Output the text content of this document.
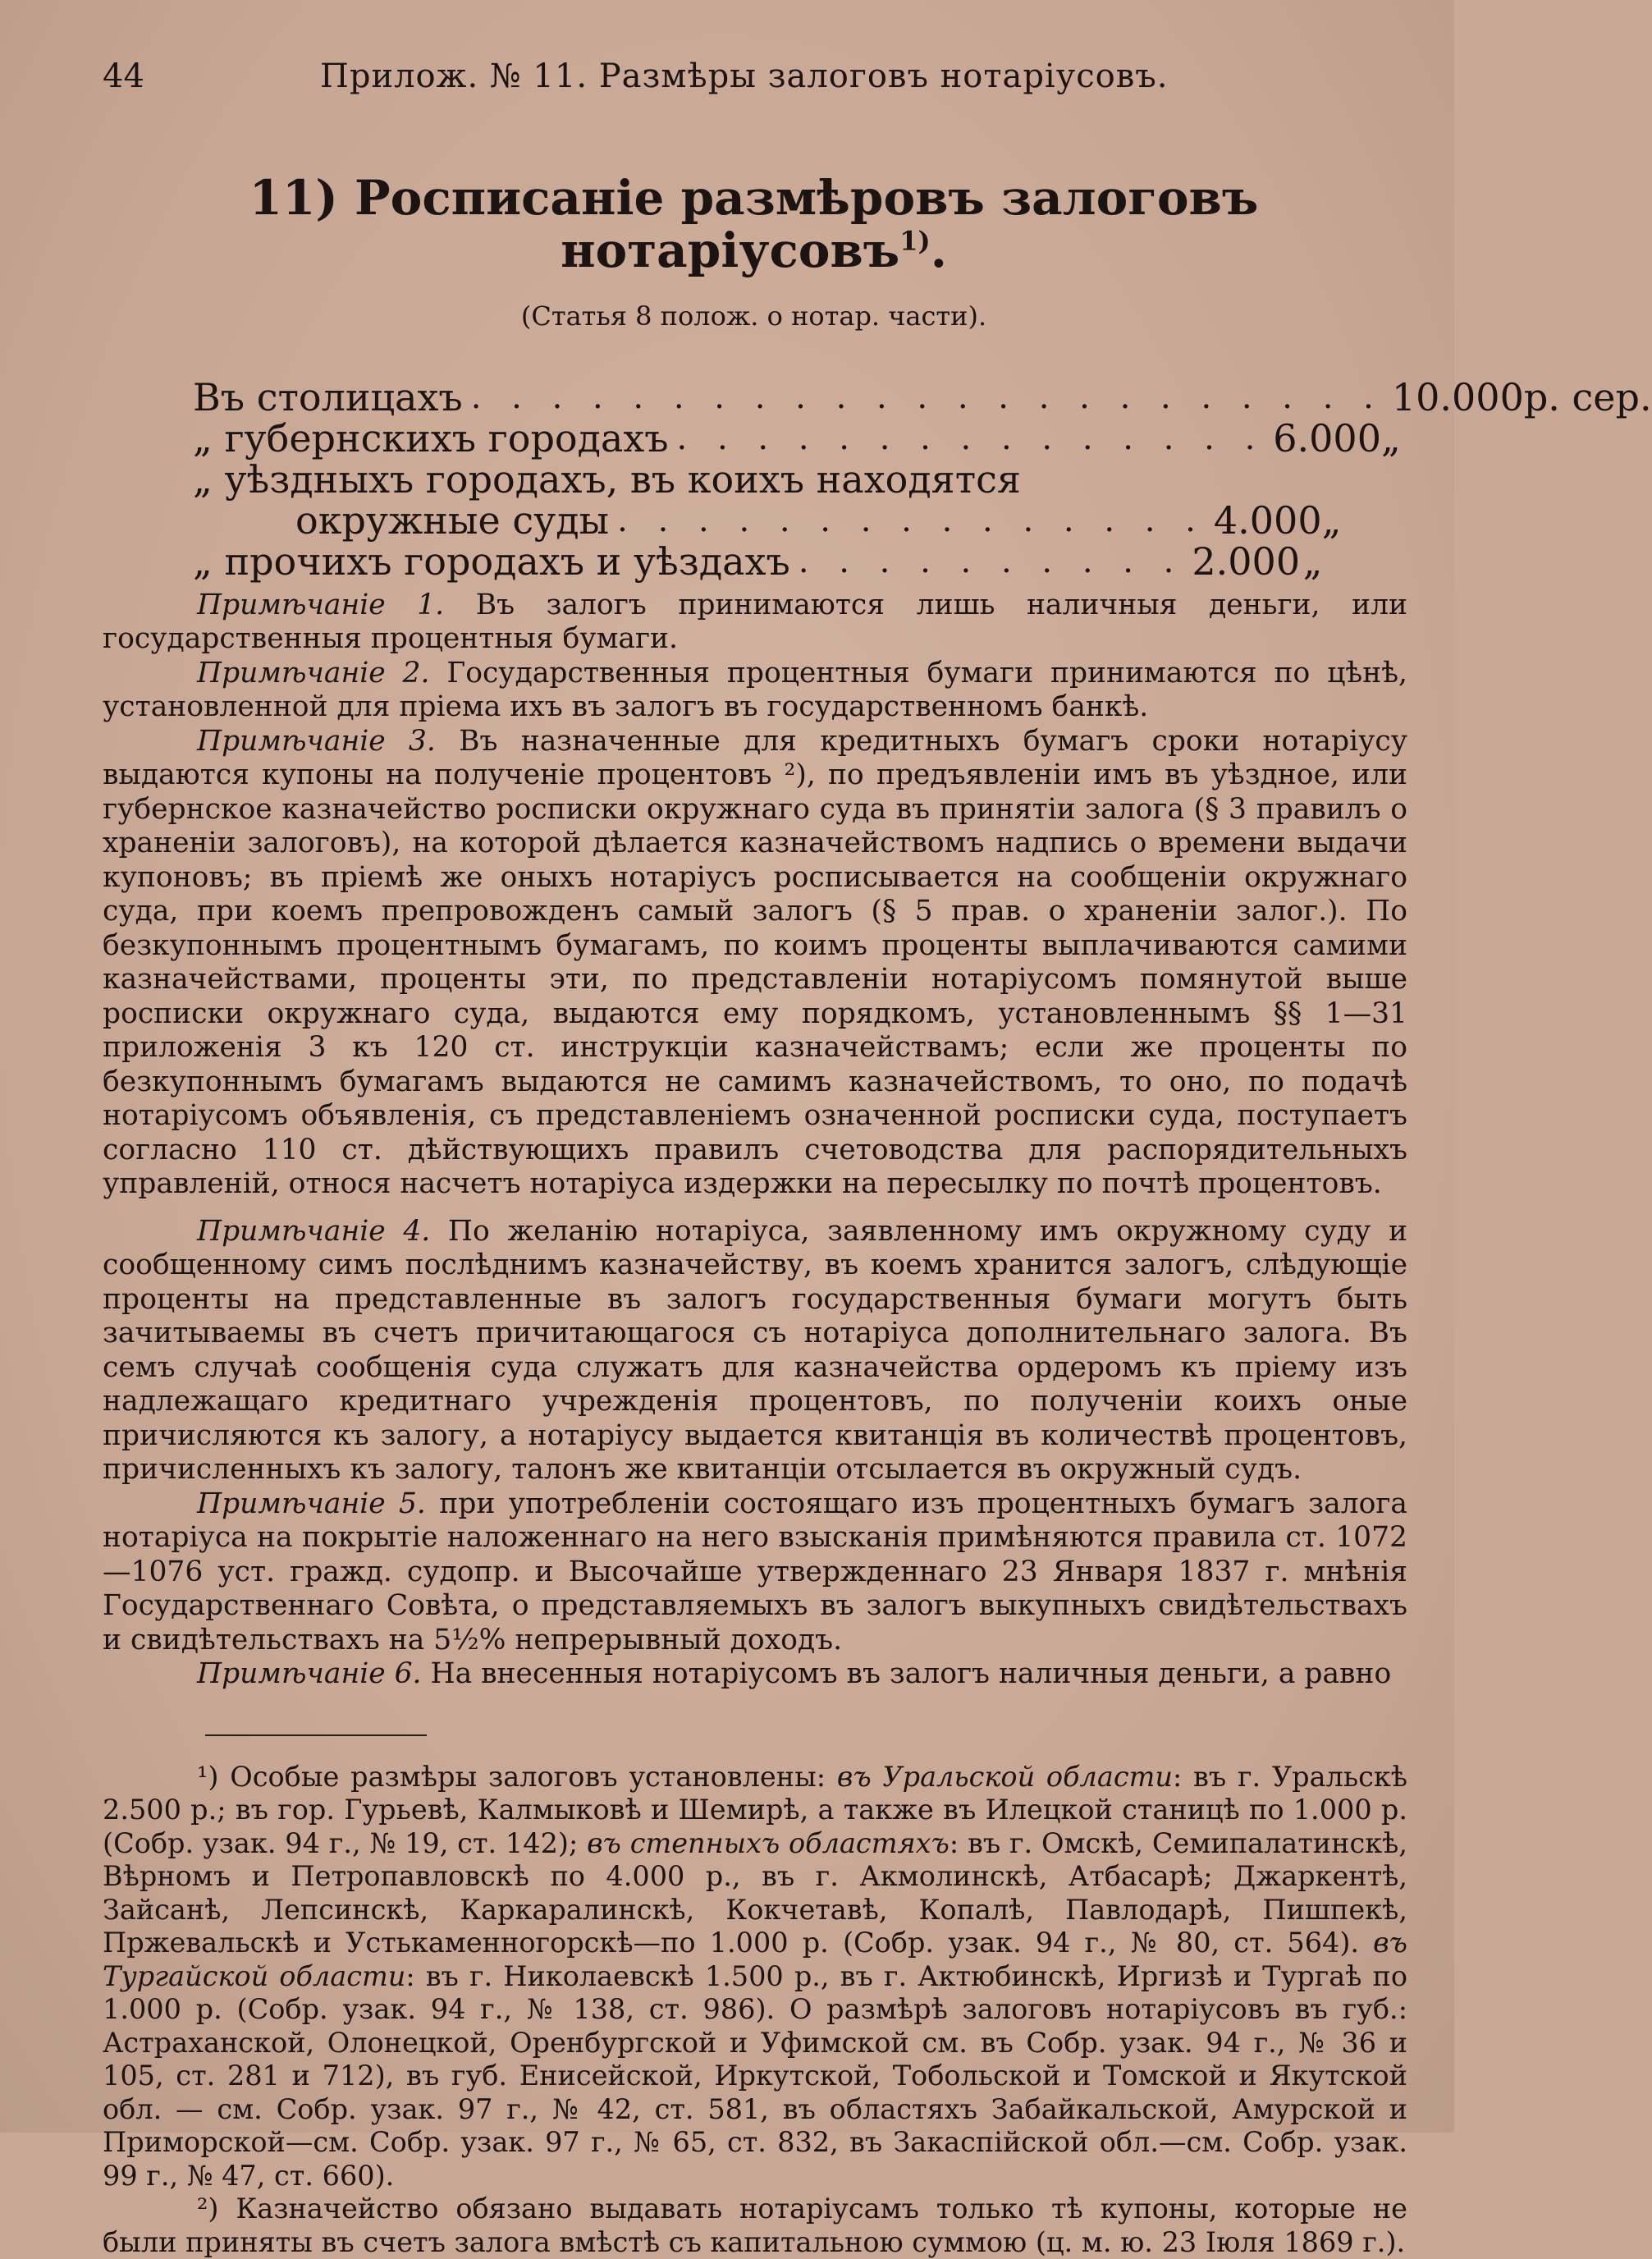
44	Прилож. № 11. Размѣры залоговъ нотаріусовъ.
11) Росписаніе размѣровъ залоговъ нотаріусовъ$^{1)}$.

(Статья 8 полож. о нотар. части).

Въ столицахъ . . . . . . . . . . . . . . . . . . . . . . . 10.000 р. сер.
„ губернскихъ городахъ . . . . . . . . . . . . . . . 6.000 „
„ уѣздныхъ городахъ, въ коихъ находятся
окружные суды . . . . . . . . . . . . . . . 4.000 „
„ прочихъ городахъ и уѣздахъ . . . . . . . . . . 2.000 „

Примѣчаніе 1. Въ залогъ принимаются лишь наличныя деньги, или государственныя процентныя бумаги.

Примѣчаніе 2. Государственныя процентныя бумаги принимаются по цѣнѣ, установленной для пріема ихъ въ залогъ въ государственномъ банкѣ.

Примѣчаніе 3. Въ назначенные для кредитныхъ бумагъ сроки нотаріусу выдаются купоны на полученіе процентовъ ²), по предъявленіи имъ въ уѣздное, или губернское казначейство росписки окружнаго суда въ принятіи залога (§ 3 правилъ о храненіи залоговъ), на которой дѣлается казначействомъ надпись о времени выдачи купоновъ; въ пріемѣ же оныхъ нотаріусъ росписывается на сообщеніи окружнаго суда, при коемъ препровожденъ самый залогъ (§ 5 прав. о храненіи залог.). По безкупоннымъ процентнымъ бумагамъ, по коимъ проценты выплачиваются самими казначействами, проценты эти, по представленіи нотаріусомъ помянутой выше росписки окружнаго суда, выдаются ему порядкомъ, установленнымъ §§ 1—31 приложенія 3 къ 120 ст. инструкціи казначействамъ; если же проценты по безкупоннымъ бумагамъ выдаются не самимъ казначействомъ, то оно, по подачѣ нотаріусомъ объявленія, съ представленіемъ означенной росписки суда, поступаетъ согласно 110 ст. дѣйствующихъ правилъ счетоводства для распорядительныхъ управленій, относя насчетъ нотаріуса издержки на пересылку по почтѣ процентовъ.

Примѣчаніе 4. По желанію нотаріуса, заявленному имъ окружному суду и сообщенному симъ послѣднимъ казначейству, въ коемъ хранится залогъ, слѣдующіе проценты на представленные въ залогъ государственныя бумаги могутъ быть зачитываемы въ счетъ причитающагося съ нотаріуса дополнительнаго залога. Въ семъ случаѣ сообщенія суда служатъ для казначейства ордеромъ къ пріему изъ надлежащаго кредитнаго учрежденія процентовъ, по полученіи коихъ оные причисляются къ залогу, а нотаріусу выдается квитанція въ количествѣ процентовъ, причисленныхъ къ залогу, талонъ же квитанціи отсылается въ окружный судъ.

Примѣчаніе 5. при употребленіи состоящаго изъ процентныхъ бумагъ залога нотаріуса на покрытіе наложеннаго на него взысканія примѣняются правила ст. 1072—1076 уст. гражд. судопр. и Высочайше утвержденнаго 23 Января 1837 г. мнѣнія Государственнаго Совѣта, о представляемыхъ въ залогъ выкупныхъ свидѣтельствахъ и свидѣтельствахъ на 5½% непрерывный доходъ.

Примѣчаніе 6. На внесенныя нотаріусомъ въ залогъ наличныя деньги, а равно

¹) Особые размѣры залоговъ установлены: въ Уральской области: въ г. Уральскѣ 2.500 р.; въ гор. Гурьевѣ, Калмыковѣ и Шемирѣ, а также въ Илецкой станицѣ по 1.000 р. (Собр. узак. 94 г., № 19, ст. 142); въ степныхъ областяхъ: въ г. Омскѣ, Семипалатинскѣ, Вѣрномъ и Петропавловскѣ по 4.000 р., въ г. Акмолинскѣ, Атбасарѣ; Джаркентѣ, Зайсанѣ, Лепсинскѣ, Каркаралинскѣ, Кокчетавѣ, Копалѣ, Павлодарѣ, Пишпекѣ, Пржевальскѣ и Устькаменногорскѣ—по 1.000 р. (Собр. узак. 94 г., № 80, ст. 564). въ Тургайской области: въ г. Николаевскѣ 1.500 р., въ г. Актюбинскѣ, Иргизѣ и Тургаѣ по 1.000 р. (Собр. узак. 94 г., № 138, ст. 986). О размѣрѣ залоговъ нотаріусовъ въ губ.: Астраханской, Олонецкой, Оренбургской и Уфимской см. въ Собр. узак. 94 г., № 36 и 105, ст. 281 и 712), въ губ. Енисейской, Иркутской, Тобольской и Томской и Якутской обл. — см. Собр. узак. 97 г., № 42, ст. 581, въ областяхъ Забайкальской, Амурской и Приморской—см. Собр. узак. 97 г., № 65, ст. 832, въ Закаспійской обл.—см. Собр. узак. 99 г., № 47, ст. 660).

²) Казначейство обязано выдавать нотаріусамъ только тѣ купоны, которые не были приняты въ счетъ залога вмѣстѣ съ капитальною суммою (ц. м. ю. 23 Іюля 1869 г.).
